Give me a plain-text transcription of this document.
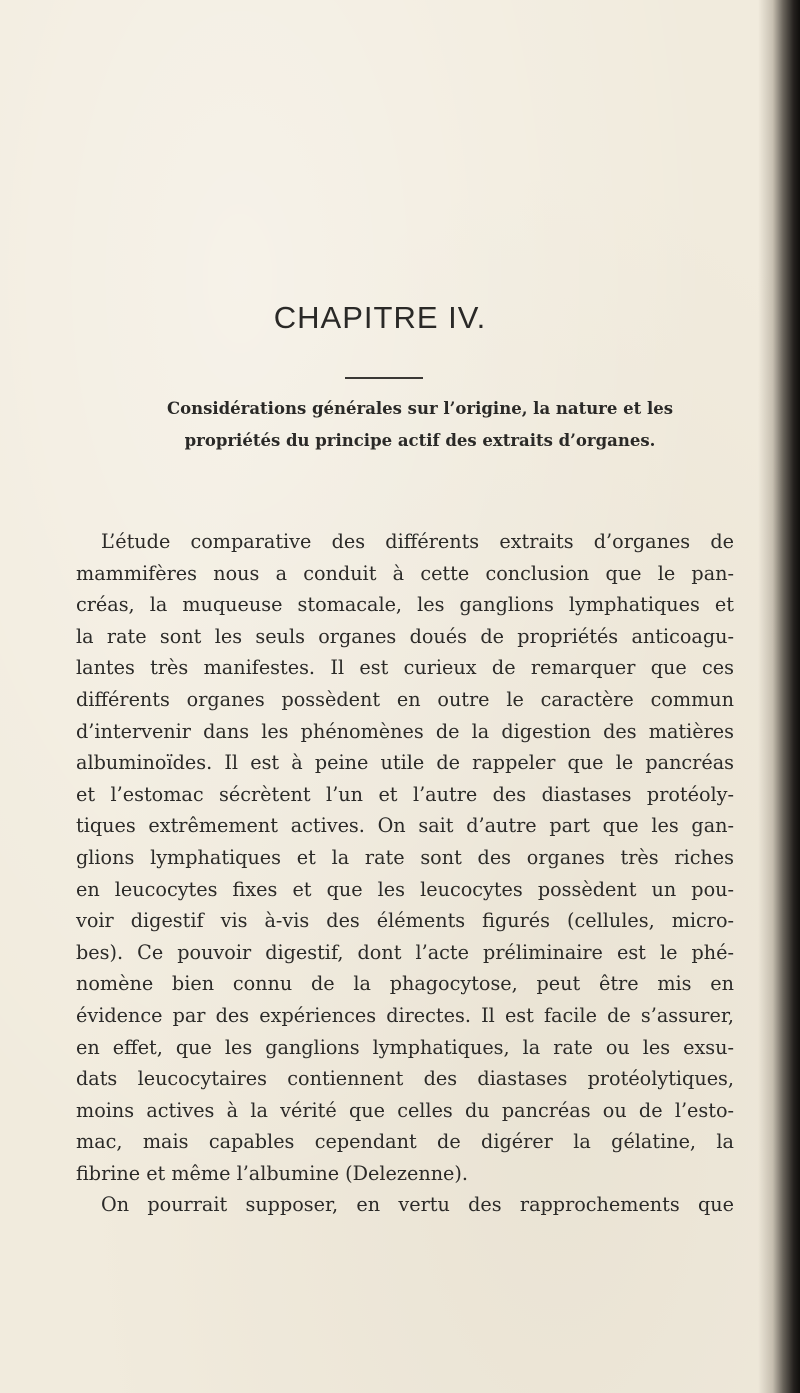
CHAPITRE IV.
Considérations générales sur l’origine, la nature et les
propriétés du principe actif des extraits d’organes.
L’étude comparative des différents extraits d’organes de
mammifères nous a conduit à cette conclusion que le pan-
créas, la muqueuse stomacale, les ganglions lymphatiques et
la rate sont les seuls organes doués de propriétés anticoagu-
lantes très manifestes. Il est curieux de remarquer que ces
différents organes possèdent en outre le caractère commun
d’intervenir dans les phénomènes de la digestion des matières
albuminoïdes. Il est à peine utile de rappeler que le pancréas
et l’estomac sécrètent l’un et l’autre des diastases protéoly-
tiques extrêmement actives. On sait d’autre part que les gan-
glions lymphatiques et la rate sont des organes très riches
en leucocytes fixes et que les leucocytes possèdent un pou-
voir digestif vis à-vis des éléments figurés (cellules, micro-
bes). Ce pouvoir digestif, dont l’acte préliminaire est le phé-
nomène bien connu de la phagocytose, peut être mis en
évidence par des expériences directes. Il est facile de s’assurer,
en effet, que les ganglions lymphatiques, la rate ou les exsu-
dats leucocytaires contiennent des diastases protéolytiques,
moins actives à la vérité que celles du pancréas ou de l’esto-
mac, mais capables cependant de digérer la gélatine, la
fibrine et même l’albumine (Delezenne).
On pourrait supposer, en vertu des rapprochements que
